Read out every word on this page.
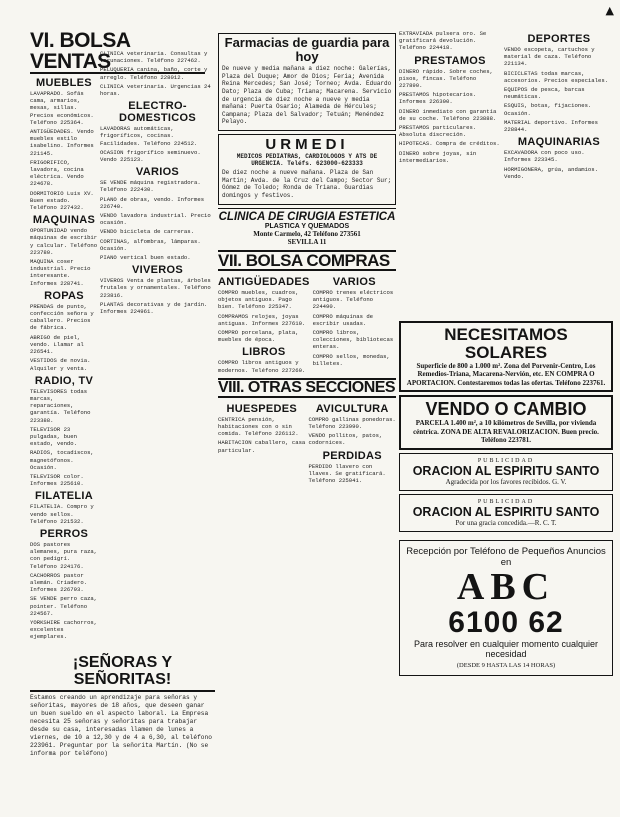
▲
VI. BOLSA VENTAS
MUEBLES
LAVAPRADO. Sofás cama, armarios, mesas, sillas. Precios económicos. Teléfono 225364.
ANTIGÜEDADES. Vendo muebles estilo isabelino. Informes 221145.
FRIGORIFICO, lavadora, cocina eléctrica. Vendo 224678.
DORMITORIO Luis XV. Buen estado. Teléfono 227432.
MAQUINAS
OPORTUNIDAD vendo máquinas de escribir y calcular. Teléfono 223780.
MAQUINA coser industrial. Precio interesante. Informes 228741.
ROPAS
PRENDAS de punto, confección señora y caballero. Precios de fábrica.
ABRIGO de piel, vendo. Llamar al 226541.
VESTIDOS de novia. Alquiler y venta.
RADIO, TV
TELEVISORES todas marcas, reparaciones, garantía. Teléfono 223388.
TELEVISOR 23 pulgadas, buen estado, vendo.
RADIOS, tocadiscos, magnetófonos. Ocasión.
TELEVISOR color. Informes 225610.
FILATELIA
FILATELIA. Compro y vendo sellos. Teléfono 221532.
PERROS
DOS pastores alemanes, pura raza, con pedigrí. Teléfono 224176.
CACHORROS pastor alemán. Criadero. Informes 226793.
SE VENDE perro caza, pointer. Teléfono 224567.
YORKSHIRE cachorros, excelentes ejemplares.
CLINICA veterinaria. Consultas y vacunaciones. Teléfono 227462.
PELUQUERIA canina, baño, corte y arreglo. Teléfono 228012.
CLINICA veterinaria. Urgencias 24 horas.
ELECTRO-DOMESTICOS
LAVADORAS automáticas, frigoríficos, cocinas. Facilidades. Teléfono 224512.
OCASION frigorífico seminuevo. Vendo 225123.
VARIOS
SE VENDE máquina registradora. Teléfono 222430.
PLANO de obras, vendo. Informes 226740.
VENDO lavadora industrial. Precio ocasión.
VENDO bicicleta de carreras.
CORTINAS, alfombras, lámparas. Ocasión.
PIANO vertical buen estado.
VIVEROS
VIVEROS Venta de plantas, árboles frutales y ornamentales. Teléfono 223816.
PLANTAS decorativas y de jardín. Informes 224961.
¡SEÑORAS Y SEÑORITAS!
Estamos creando un aprendizaje para señoras y señoritas, mayores de 18 años, que deseen ganar un buen sueldo en el aspecto laboral. La Empresa necesita 25 señoras y señoritas para trabajar desde su casa, interesadas llamen de lunes a viernes, de 10 a 12,30 y de 4 a 6,30, al teléfono 223961. Preguntar por la señorita Martín. (No se informa por teléfono)
Farmacias de guardia para hoy
De nueve y media mañana a diez noche: Galerías, Plaza del Duque; Amor de Dios; Feria; Avenida Reina Mercedes; San José; Torneo; Avda. Eduardo Dato; Plaza de Cuba; Triana; Macarena. Servicio de urgencia de diez noche a nueve y media mañana: Puerta Osario; Alameda de Hércules; Campana; Plaza del Salvador; Tetuán; Menéndez Pelayo.
URMEDI
MEDICOS PEDIATRAS, CARDIOLOGOS Y ATS DE URGENCIA. Teléfs. 623000-623333
De diez noche a nueve mañana. Plaza de San Martín; Avda. de la Cruz del Campo; Sector Sur; Gómez de Toledo; Ronda de Triana. Guardias domingos y festivos.
CLINICA DE CIRUGIA ESTETICA
PLASTICA Y QUEMADOS
Monte Carmelo, 42 Teléfono 273561
SEVILLA 11
VII. BOLSA COMPRAS
ANTIGÜEDADES
COMPRO muebles, cuadros, objetos antiguos. Pago bien. Teléfono 225347.
COMPRAMOS relojes, joyas antiguas. Informes 227610.
COMPRO porcelana, plata, muebles de época.
LIBROS
COMPRO libros antiguos y modernos. Teléfono 227260.
VARIOS
COMPRO trenes eléctricos antiguos. Teléfono 224490.
COMPRO máquinas de escribir usadas.
COMPRO libros, colecciones, bibliotecas enteras.
COMPRO sellos, monedas, billetes.
VIII. OTRAS SECCIONES
HUESPEDES
CENTRICA pensión, habitaciones con o sin comida. Teléfono 226112.
HABITACION caballero, casa particular.
AVICULTURA
COMPRO gallinas ponedoras. Teléfono 223990.
VENDO pollitos, patos, codornices.
PERDIDAS
PERDIDO llavero con llaves. Se gratificará. Teléfono 225041.
EXTRAVIADA pulsera oro. Se gratificará devolución. Teléfono 224418.
PRESTAMOS
DINERO rápido. Sobre coches, pisos, fincas. Teléfono 227890.
PRESTAMOS hipotecarios. Informes 226300.
DINERO inmediato con garantía de su coche. Teléfono 223888.
PRESTAMOS particulares. Absoluta discreción.
HIPOTECAS. Compra de créditos.
DINERO sobre joyas, sin intermediarios.
DEPORTES
VENDO escopeta, cartuchos y material de caza. Teléfono 221134.
BICICLETAS todas marcas, accesorios. Precios especiales.
EQUIPOS de pesca, barcas neumáticas.
ESQUIS, botas, fijaciones. Ocasión.
MATERIAL deportivo. Informes 228844.
MAQUINARIAS
EXCAVADORA con poco uso. Informes 223345.
HORMIGONERA, grúa, andamios. Vendo.
NECESITAMOS SOLARES
Superficie de 800 a 1.000 m². Zona del Porvenir-Centro, Los Remedios-Triana, Macarena-Nervión, etc. EN COMPRA O APORTACION. Contestaremos todas las ofertas. Teléfono 223761.
VENDO O CAMBIO
PARCELA 1.400 m², a 10 kilómetros de Sevilla, por vivienda céntrica. ZONA DE ALTA REVALORIZACION. Buen precio. Teléfono 223781.
PUBLICIDAD
ORACION AL ESPIRITU SANTO
Agradecida por los favores recibidos. G. V.
PUBLICIDAD
ORACION AL ESPIRITU SANTO
Por una gracia concedida.—R. C. T.
Recepción por Teléfono de Pequeños Anuncios en
ABC
6100 62
Para resolver en cualquier momento cualquier necesidad
(DESDE 9 HASTA LAS 14 HORAS)
